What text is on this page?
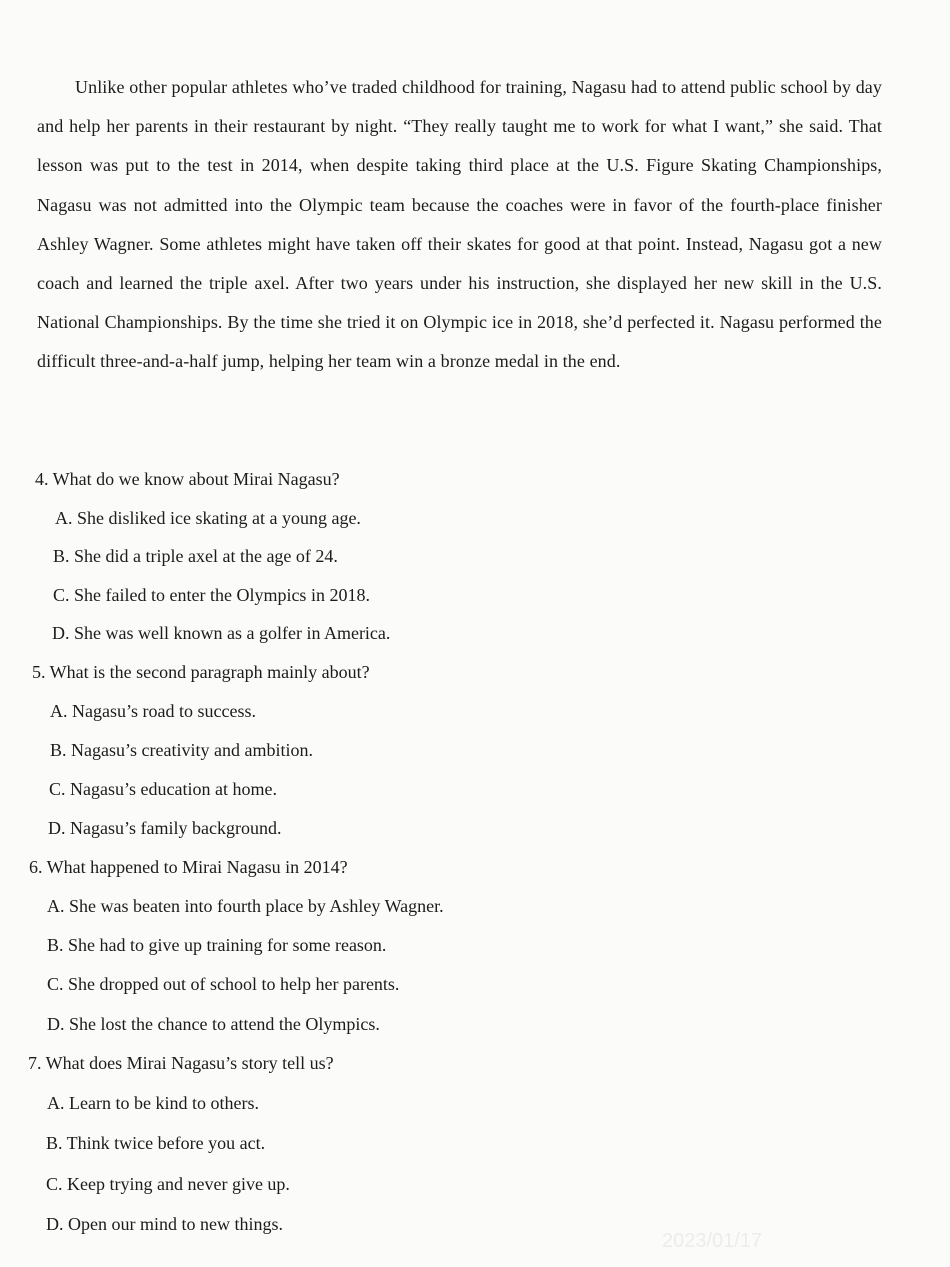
Unlike other popular athletes who’ve traded childhood for training, Nagasu had to attend public school by day and help her parents in their restaurant by night. “They really taught me to work for what I want,” she said. That lesson was put to the test in 2014, when despite taking third place at the U.S. Figure Skating Championships, Nagasu was not admitted into the Olympic team because the coaches were in favor of the fourth-place finisher Ashley Wagner. Some athletes might have taken off their skates for good at that point. Instead, Nagasu got a new coach and learned the triple axel. After two years under his instruction, she displayed her new skill in the U.S. National Championships. By the time she tried it on Olympic ice in 2018, she’d perfected it. Nagasu performed the difficult three-and-a-half jump, helping her team win a bronze medal in the end.

4. What do we know about Mirai Nagasu?
A. She disliked ice skating at a young age.
B. She did a triple axel at the age of 24.
C. She failed to enter the Olympics in 2018.
D. She was well known as a golfer in America.
5. What is the second paragraph mainly about?
A. Nagasu’s road to success.
B. Nagasu’s creativity and ambition.
C. Nagasu’s education at home.
D. Nagasu’s family background.
6. What happened to Mirai Nagasu in 2014?
A. She was beaten into fourth place by Ashley Wagner.
B. She had to give up training for some reason.
C. She dropped out of school to help her parents.
D. She lost the chance to attend the Olympics.
7. What does Mirai Nagasu’s story tell us?
A. Learn to be kind to others.
B. Think twice before you act.
C. Keep trying and never give up.
D. Open our mind to new things.
2023/01/17
